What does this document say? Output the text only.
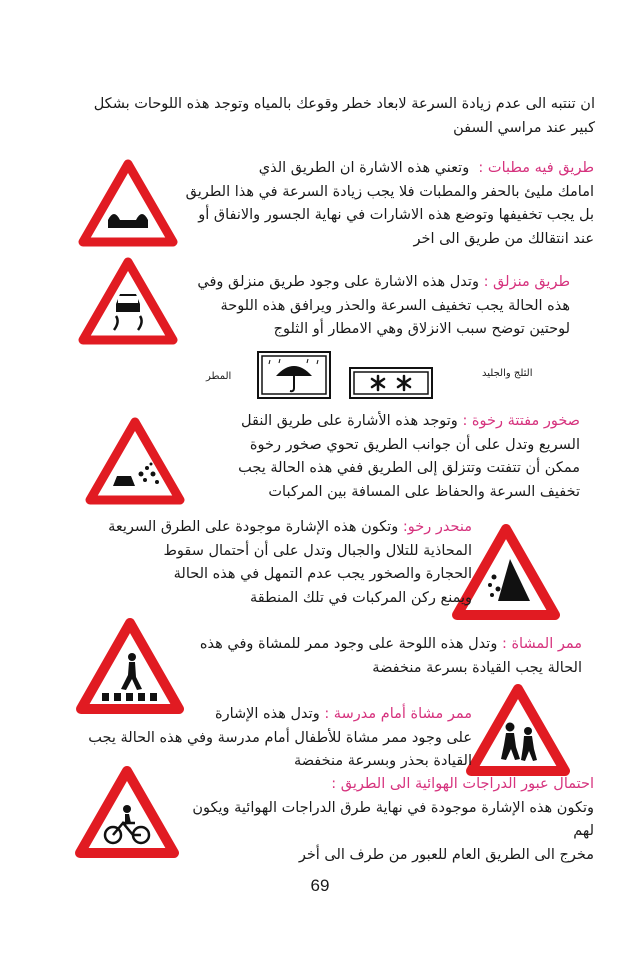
ان تنتبه الى عدم زيادة السرعة لابعاد خطر وقوعك بالمياه وتوجد هذه اللوحات بشكل
كبير عند مراسي السفن
طريق فيه مطبات :  وتعني هذه الاشارة ان الطريق الذي
امامك مليئ بالحفر والمطبات فلا يجب زيادة السرعة في هذا الطريق
بل يجب تخفيفها وتوضع هذه الاشارات في نهاية الجسور والانفاق أو
عند انتقالك من طريق الى اخر
طريق منزلق : وتدل هذه الاشارة على وجود طريق منزلق وفي
هذه الحالة يجب تخفيف السرعة والحذر ويرافق هذه اللوحة
لوحتين توضح سبب الانزلاق وهي الامطار أو الثلوج
المطر	الثلج والجليد
صخور مفتتة رخوة : وتوجد هذه الأشارة على طريق النقل
السريع وتدل على أن جوانب الطريق تحوي صخور رخوة
ممكن أن تتفتت وتتزلق إلى الطريق ففي هذه الحالة يجب
تخفيف السرعة والحفاظ على المسافة بين المركبات
منحدر رخو: وتكون هذه الإشارة موجودة على الطرق السريعة
المحاذية للتلال والجبال وتدل على أن أحتمال سقوط
الحجارة والصخور يجب عدم التمهل في هذه الحالة
ويمنع ركن المركبات في تلك المنطقة
ممر المشاة : وتدل هذه اللوحة على وجود ممر للمشاة وفي هذه
الحالة يجب القيادة بسرعة منخفضة
ممر مشاة أمام مدرسة : وتدل هذه الإشارة
على وجود ممر مشاة للأطفال أمام مدرسة وفي هذه الحالة يجب
القيادة بحذر وبسرعة منخفضة
احتمال عبور الدراجات الهوائية الى الطريق :
وتكون هذه الإشارة موجودة في نهاية طرق الدراجات الهوائية ويكون
لهم
مخرج الى الطريق العام للعبور من طرف الى أخر
69
